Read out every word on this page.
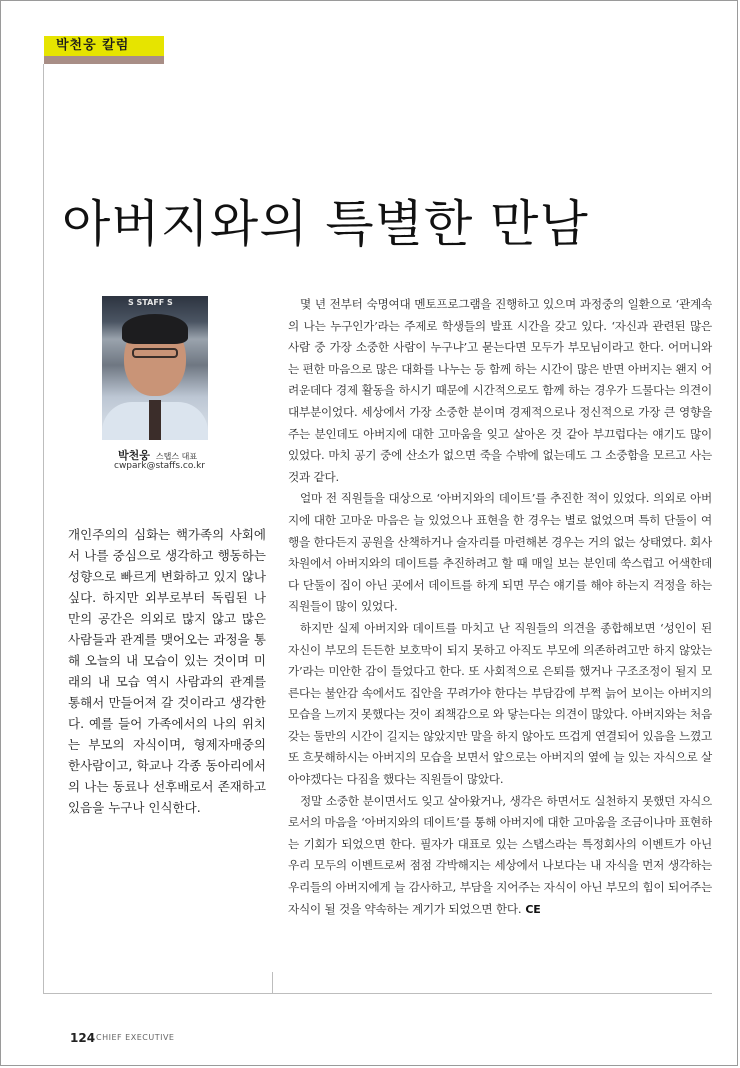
박천웅 칼럼
아버지와의 특별한 만남
S STAFF S
박천웅 스탭스 대표
cwpark@staffs.co.kr

개인주의의 심화는 핵가족의 사회에서 나를 중심으로 생각하고 행동하는 성향으로 빠르게 변화하고 있지 않나 싶다. 하지만 외부로부터 독립된 나만의 공간은 의외로 많지 않고 많은 사람들과 관계를 맺어오는 과정을 통해 오늘의 내 모습이 있는 것이며 미래의 내 모습 역시 사람과의 관계를 통해서 만들어져 갈 것이라고 생각한다. 예를 들어 가족에서의 나의 위치는 부모의 자식이며, 형제자매중의 한사람이고, 학교나 각종 동아리에서의 나는 동료나 선후배로서 존재하고 있음을 누구나 인식한다.

몇 년 전부터 숙명여대 멘토프로그램을 진행하고 있으며 과정중의 일환으로 ‘관계속의 나는 누구인가’라는 주제로 학생들의 발표 시간을 갖고 있다. ‘자신과 관련된 많은 사람 중 가장 소중한 사람이 누구냐’고 묻는다면 모두가 부모님이라고 한다. 어머니와는 편한 마음으로 많은 대화를 나누는 등 함께 하는 시간이 많은 반면 아버지는 왠지 어려운데다 경제 활동을 하시기 때문에 시간적으로도 함께 하는 경우가 드물다는 의견이 대부분이었다. 세상에서 가장 소중한 분이며 경제적으로나 정신적으로 가장 큰 영향을 주는 분인데도 아버지에 대한 고마움을 잊고 살아온 것 같아 부끄럽다는 얘기도 많이 있었다. 마치 공기 중에 산소가 없으면 죽을 수밖에 없는데도 그 소중함을 모르고 사는 것과 같다.

얼마 전 직원들을 대상으로 ‘아버지와의 데이트’를 추진한 적이 있었다. 의외로 아버지에 대한 고마운 마음은 늘 있었으나 표현을 한 경우는 별로 없었으며 특히 단둘이 여행을 한다든지 공원을 산책하거나 술자리를 마련해본 경우는 거의 없는 상태였다. 회사 차원에서 아버지와의 데이트를 추진하려고 할 때 매일 보는 분인데 쑥스럽고 어색한데다 단둘이 집이 아닌 곳에서 데이트를 하게 되면 무슨 얘기를 해야 하는지 걱정을 하는 직원들이 많이 있었다.

하지만 실제 아버지와 데이트를 마치고 난 직원들의 의견을 종합해보면 ‘성인이 된 자신이 부모의 든든한 보호막이 되지 못하고 아직도 부모에 의존하려고만 하지 않았는가’라는 미안한 감이 들었다고 한다. 또 사회적으로 은퇴를 했거나 구조조정이 될지 모른다는 불안감 속에서도 집안을 꾸려가야 한다는 부담감에 부쩍 늙어 보이는 아버지의 모습을 느끼지 못했다는 것이 죄책감으로 와 닿는다는 의견이 많았다. 아버지와는 처음 갖는 둘만의 시간이 길지는 않았지만 말을 하지 않아도 뜨겁게 연결되어 있음을 느꼈고 또 흐뭇해하시는 아버지의 모습을 보면서 앞으로는 아버지의 옆에 늘 있는 자식으로 살아야겠다는 다짐을 했다는 직원들이 많았다.

정말 소중한 분이면서도 잊고 살아왔거나, 생각은 하면서도 실천하지 못했던 자식으로서의 마음을 ‘아버지와의 데이트’를 통해 아버지에 대한 고마움을 조금이나마 표현하는 기회가 되었으면 한다. 필자가 대표로 있는 스탭스라는 특정회사의 이벤트가 아닌 우리 모두의 이벤트로써 점점 각박해지는 세상에서 나보다는 내 자식을 먼저 생각하는 우리들의 아버지에게 늘 감사하고, 부담을 지어주는 자식이 아닌 부모의 힘이 되어주는 자식이 될 것을 약속하는 계기가 되었으면 한다. CE

124 CHIEF EXECUTIVE
